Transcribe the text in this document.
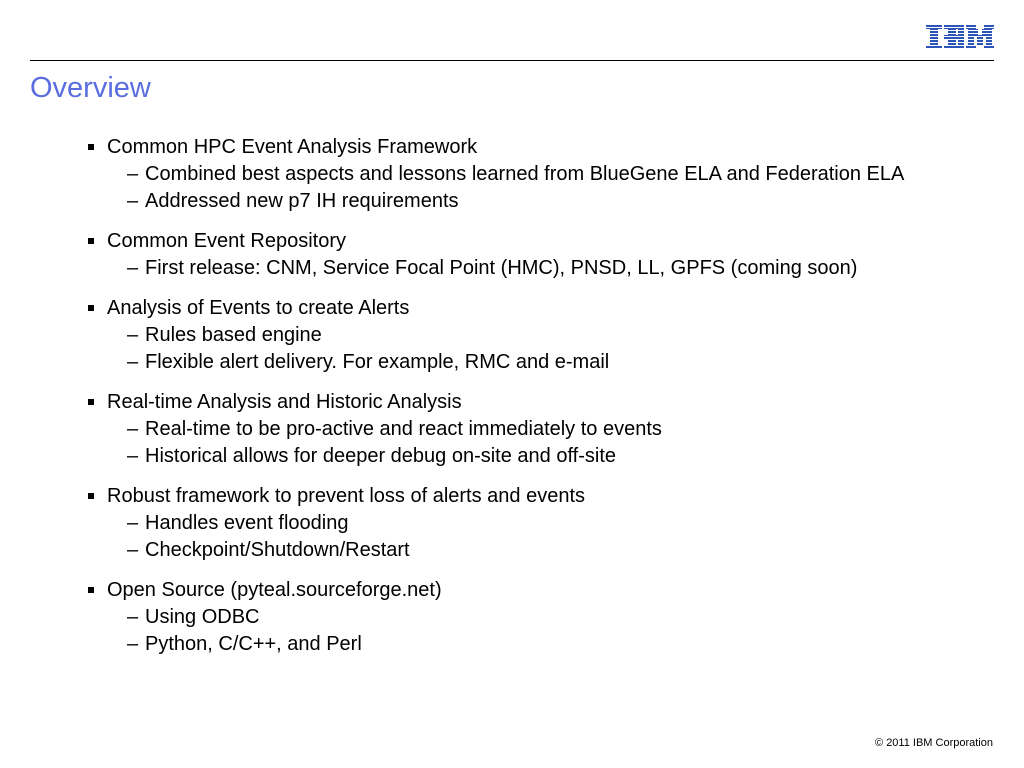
Overview
Common HPC Event Analysis Framework
– Combined best aspects and lessons learned from BlueGene ELA and Federation ELA
– Addressed new p7 IH requirements
Common Event Repository
– First release: CNM, Service Focal Point (HMC), PNSD, LL, GPFS (coming soon)
Analysis of Events to create Alerts
– Rules based engine
– Flexible alert delivery. For example, RMC and e-mail
Real-time Analysis and Historic Analysis
– Real-time to be pro-active and react immediately to events
– Historical allows for deeper debug on-site and off-site
Robust framework to prevent loss of alerts and events
– Handles event flooding
– Checkpoint/Shutdown/Restart
Open Source (pyteal.sourceforge.net)
– Using ODBC
– Python, C/C++, and Perl
© 2011 IBM Corporation
